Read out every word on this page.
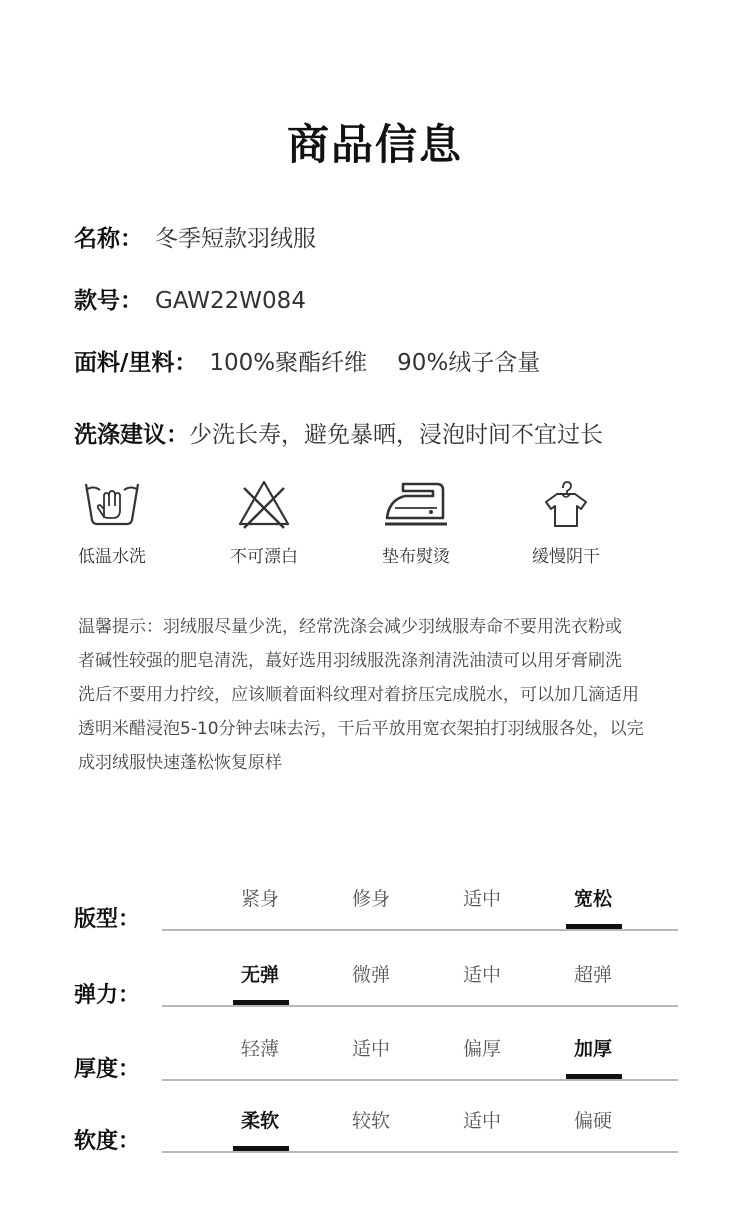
商品信息
名称： 冬季短款羽绒服
款号： GAW22W084
面料/里料： 100%聚酯纤维 90%绒子含量
洗涤建议：少洗长寿，避免暴晒，浸泡时间不宜过长
低温水洗	不可漂白	垫布熨烫	缓慢阴干
温馨提示：羽绒服尽量少洗，经常洗涤会减少羽绒服寿命不要用洗衣粉或
者碱性较强的肥皂清洗，蕞好选用羽绒服洗涤剂清洗油渍可以用牙膏刷洗
洗后不要用力拧绞，应该顺着面料纹理对着挤压完成脱水，可以加几滴适用
透明米醋浸泡5-10分钟去味去污，干后平放用宽衣架拍打羽绒服各处，以完
成羽绒服快速蓬松恢复原样
版型：
紧身	修身	适中	宽松
弹力：
无弹	微弹	适中	超弹
厚度：
轻薄	适中	偏厚	加厚
软度：
柔软	较软	适中	偏硬
